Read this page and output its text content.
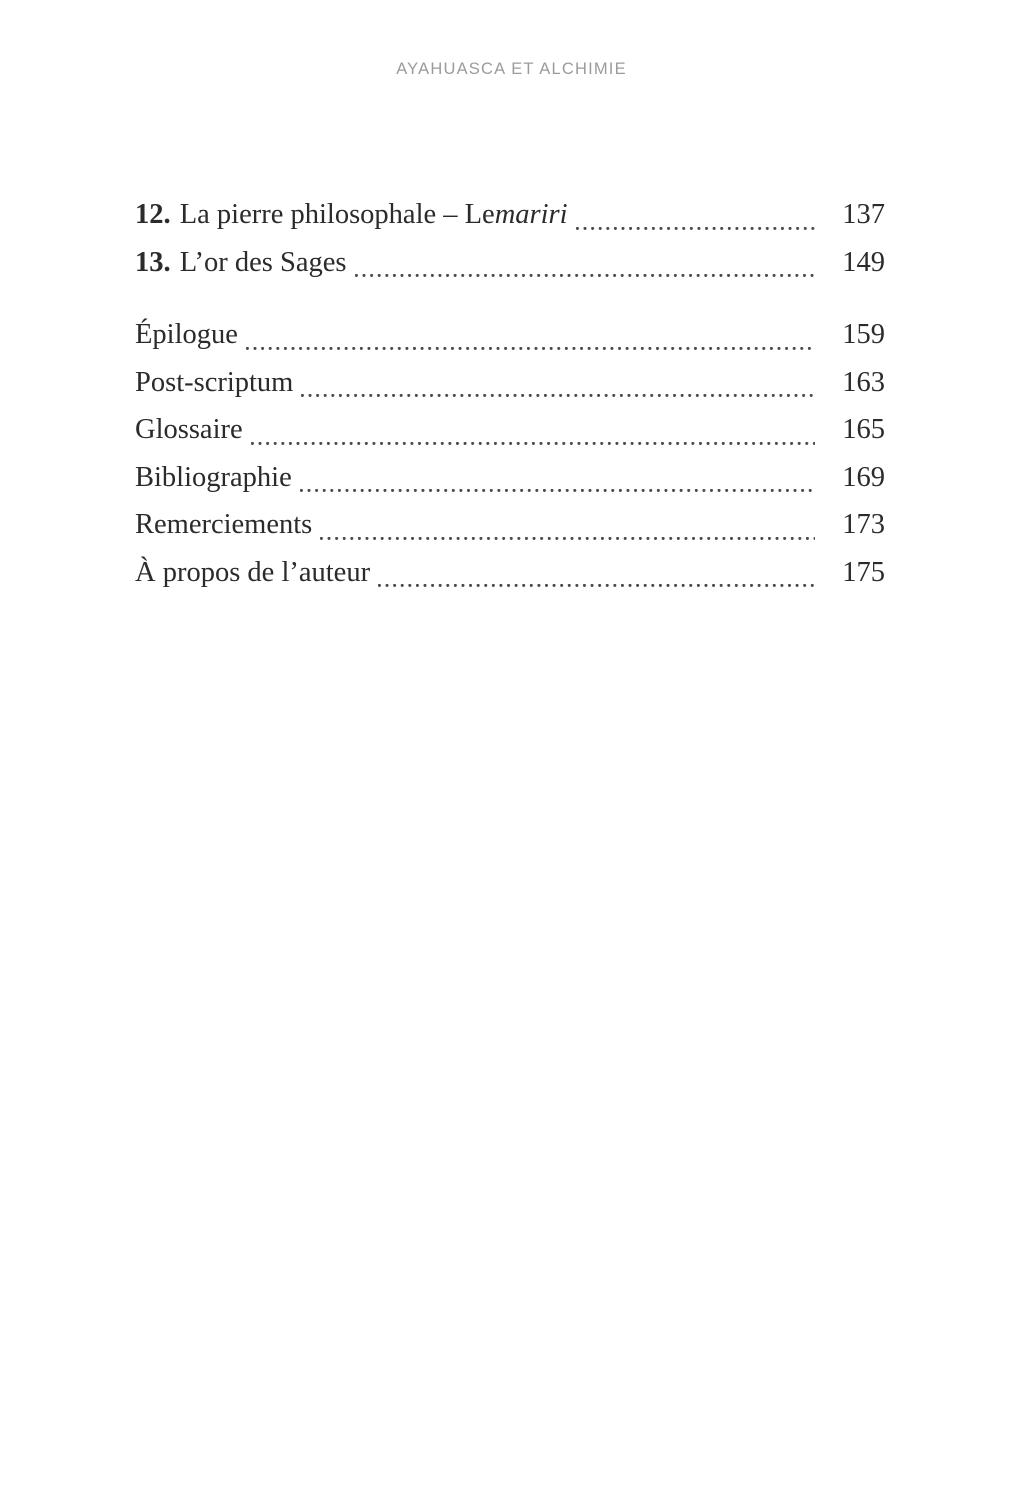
AYAHUASCA ET ALCHIMIE
12. La pierre philosophale – Le mariri	137
13. L’or des Sages	149
Épilogue	159
Post-scriptum	163
Glossaire	165
Bibliographie	169
Remerciements	173
À propos de l’auteur	175
